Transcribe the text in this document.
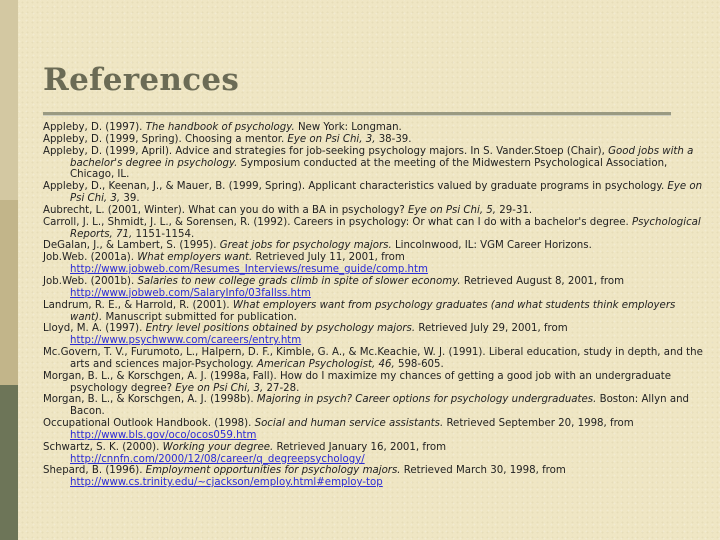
References

Appleby, D. (1997). The handbook of psychology. New York: Longman.

Appleby, D. (1999, Spring). Choosing a mentor. Eye on Psi Chi, 3, 38-39.

Appleby, D. (1999, April). Advice and strategies for job-seeking psychology majors. In S. Vander.Stoep (Chair), Good jobs with a bachelor's degree in psychology. Symposium conducted at the meeting of the Midwestern Psychological Association, Chicago, IL.

Appleby, D., Keenan, J., & Mauer, B. (1999, Spring). Applicant characteristics valued by graduate programs in psychology. Eye on Psi Chi, 3, 39.

Aubrecht, L. (2001, Winter). What can you do with a BA in psychology? Eye on Psi Chi, 5, 29-31.

Carroll, J. L., Shmidt, J. L., & Sorensen, R. (1992). Careers in psychology: Or what can I do with a bachelor's degree. Psychological Reports, 71, 1151-1154.

DeGalan, J., & Lambert, S. (1995). Great jobs for psychology majors. Lincolnwood, IL: VGM Career Horizons.

Job.Web. (2001a). What employers want. Retrieved July 11, 2001, from http://www.jobweb.com/Resumes_Interviews/resume_guide/comp.htm

Job.Web. (2001b). Salaries to new college grads climb in spite of slower economy. Retrieved August 8, 2001, from http://www.jobweb.com/SalaryInfo/03fallss.htm

Landrum, R. E., & Harrold, R. (2001). What employers want from psychology graduates (and what students think employers want). Manuscript submitted for publication.

Lloyd, M. A. (1997). Entry level positions obtained by psychology majors. Retrieved July 29, 2001, from http://www.psychwww.com/careers/entry.htm

Mc.Govern, T. V., Furumoto, L., Halpern, D. F., Kimble, G. A., & Mc.Keachie, W. J. (1991). Liberal education, study in depth, and the arts and sciences major-Psychology. American Psychologist, 46, 598-605.

Morgan, B. L., & Korschgen, A. J. (1998a, Fall). How do I maximize my chances of getting a good job with an undergraduate psychology degree? Eye on Psi Chi, 3, 27-28.

Morgan, B. L., & Korschgen, A. J. (1998b). Majoring in psych? Career options for psychology undergraduates. Boston: Allyn and Bacon.

Occupational Outlook Handbook. (1998). Social and human service assistants. Retrieved September 20, 1998, from http://www.bls.gov/oco/ocos059.htm

Schwartz, S. K. (2000). Working your degree. Retrieved January 16, 2001, from http://cnnfn.com/2000/12/08/career/q_degreepsychology/

Shepard, B. (1996). Employment opportunities for psychology majors. Retrieved March 30, 1998, from http://www.cs.trinity.edu/~cjackson/employ.html#employ-top
